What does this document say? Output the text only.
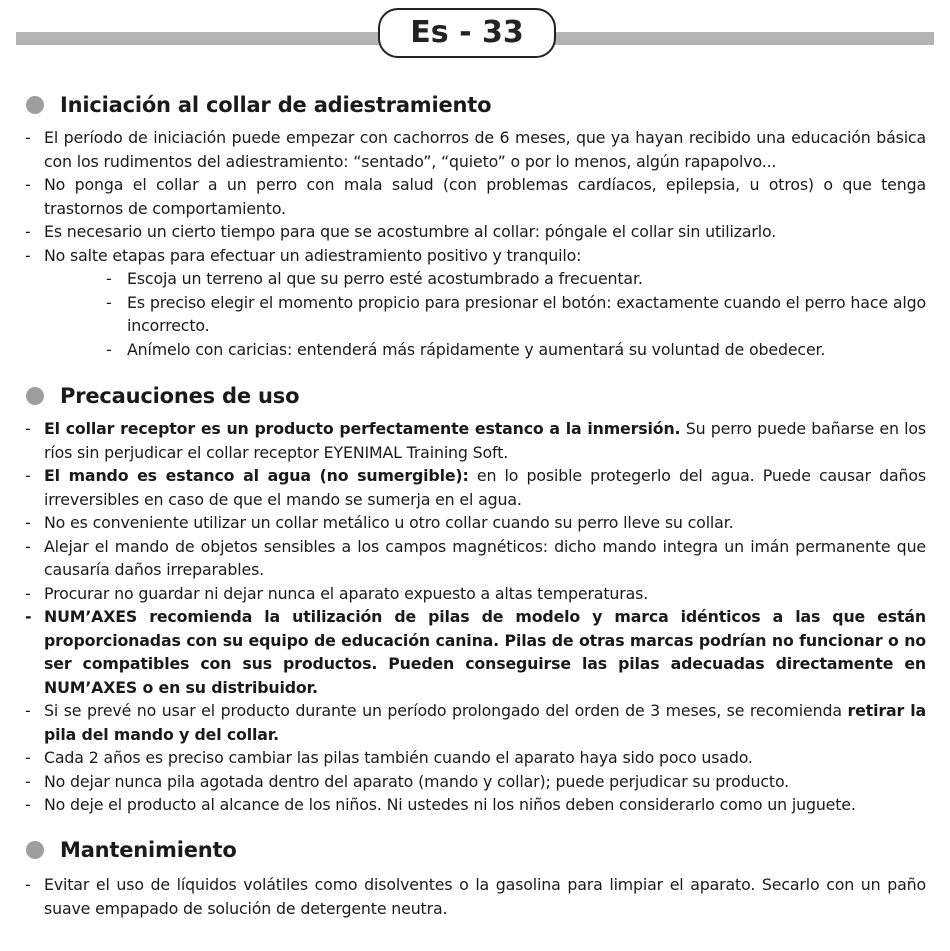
Es - 33
Iniciación al collar de adiestramiento
- El período de iniciación puede empezar con cachorros de 6 meses, que ya hayan recibido una educación básica con los rudimentos del adiestramiento: “sentado”, “quieto” o por lo menos, algún rapapolvo...
- No ponga el collar a un perro con mala salud (con problemas cardíacos, epilepsia, u otros) o que tenga trastornos de comportamiento.
- Es necesario un cierto tiempo para que se acostumbre al collar: póngale el collar sin utilizarlo.
- No salte etapas para efectuar un adiestramiento positivo y tranquilo:
- Escoja un terreno al que su perro esté acostumbrado a frecuentar.
- Es preciso elegir el momento propicio para presionar el botón: exactamente cuando el perro hace algo incorrecto.
- Anímelo con caricias: entenderá más rápidamente y aumentará su voluntad de obedecer.
Precauciones de uso
- El collar receptor es un producto perfectamente estanco a la inmersión. Su perro puede bañarse en los ríos sin perjudicar el collar receptor EYENIMAL Training Soft.
- El mando es estanco al agua (no sumergible): en lo posible protegerlo del agua. Puede causar daños irreversibles en caso de que el mando se sumerja en el agua.
- No es conveniente utilizar un collar metálico u otro collar cuando su perro lleve su collar.
- Alejar el mando de objetos sensibles a los campos magnéticos: dicho mando integra un imán permanente que causaría daños irreparables.
- Procurar no guardar ni dejar nunca el aparato expuesto a altas temperaturas.
- NUM’AXES recomienda la utilización de pilas de modelo y marca idénticos a las que están proporcionadas con su equipo de educación canina. Pilas de otras marcas podrían no funcionar o no ser compatibles con sus productos. Pueden conseguirse las pilas adecuadas directamente en NUM’AXES o en su distribuidor.
- Si se prevé no usar el producto durante un período prolongado del orden de 3 meses, se recomienda retirar la pila del mando y del collar.
- Cada 2 años es preciso cambiar las pilas también cuando el aparato haya sido poco usado.
- No dejar nunca pila agotada dentro del aparato (mando y collar); puede perjudicar su producto.
- No deje el producto al alcance de los niños. Ni ustedes ni los niños deben considerarlo como un juguete.
Mantenimiento
- Evitar el uso de líquidos volátiles como disolventes o la gasolina para limpiar el aparato. Secarlo con un paño suave empapado de solución de detergente neutra.
